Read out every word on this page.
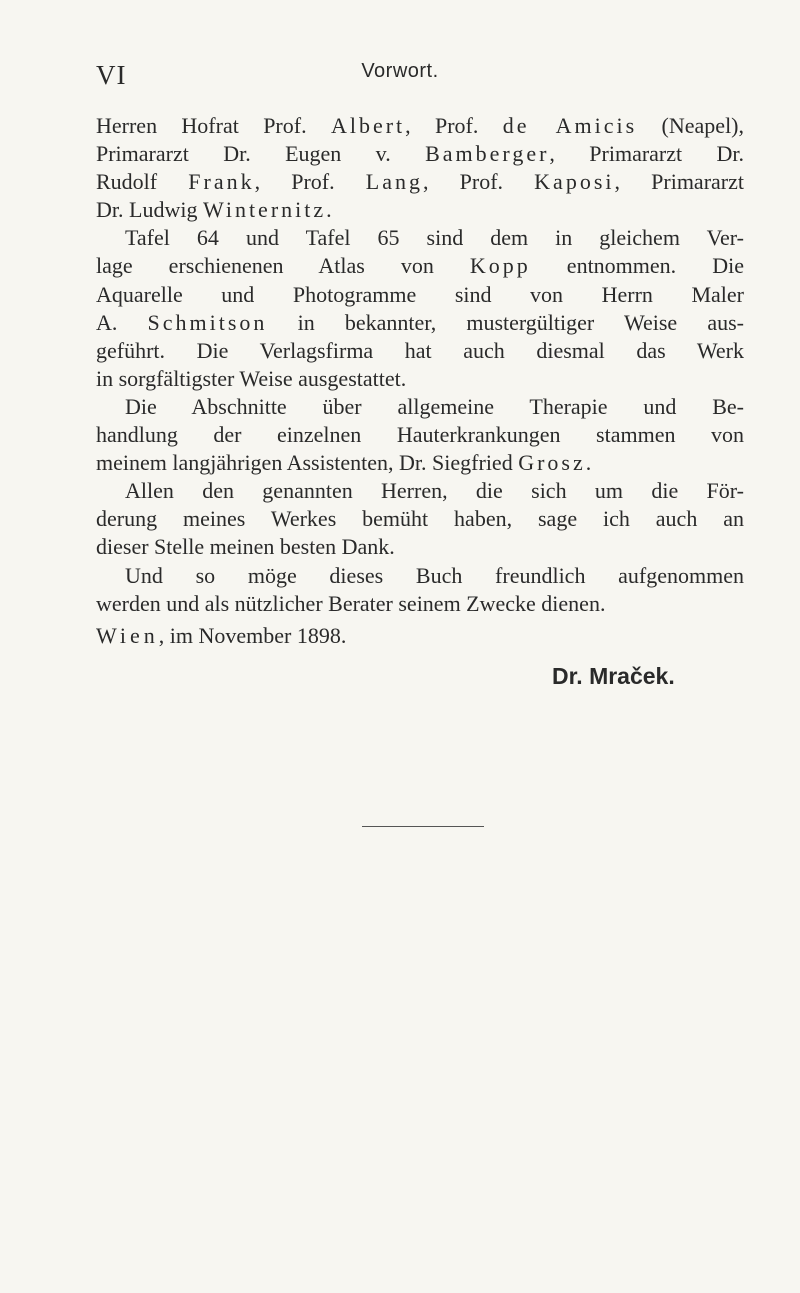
VI	Vorwort.
Herren Hofrat Prof. Albert, Prof. de Amicis (Neapel),
Primararzt Dr. Eugen v. Bamberger, Primararzt Dr.
Rudolf Frank, Prof. Lang, Prof. Kaposi, Primararzt
Dr. Ludwig Winternitz.
Tafel 64 und Tafel 65 sind dem in gleichem Ver-
lage erschienenen Atlas von Kopp entnommen. Die
Aquarelle und Photogramme sind von Herrn Maler
A. Schmitson in bekannter, mustergültiger Weise aus-
geführt. Die Verlagsfirma hat auch diesmal das Werk
in sorgfältigster Weise ausgestattet.
Die Abschnitte über allgemeine Therapie und Be-
handlung der einzelnen Hauterkrankungen stammen von
meinem langjährigen Assistenten, Dr. Siegfried Grosz.
Allen den genannten Herren, die sich um die För-
derung meines Werkes bemüht haben, sage ich auch an
dieser Stelle meinen besten Dank.
Und so möge dieses Buch freundlich aufgenommen
werden und als nützlicher Berater seinem Zwecke dienen.
Wien, im November 1898.
Dr. Mraček.
